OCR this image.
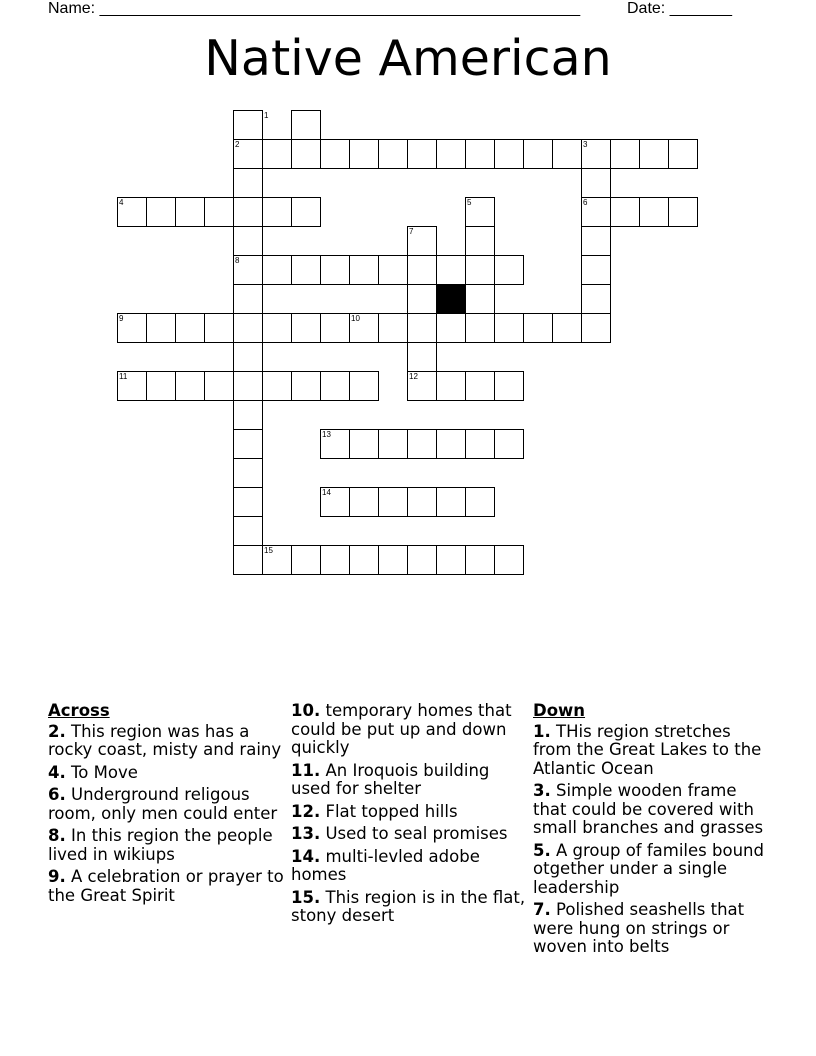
Name: ______________________________________________________	Date: _______
Native American
1
2	3
4	5	6
7
8
9	10
11	12
13
14
15
Across
2. This region was has a rocky coast, misty and rainy
4. To Move
6. Underground religous room, only men could enter
8. In this region the people lived in wikiups
9. A celebration or prayer to the Great Spirit
10. temporary homes that could be put up and down quickly
11. An Iroquois building used for shelter
12. Flat topped hills
13. Used to seal promises
14. multi-levled adobe homes
15. This region is in the flat, stony desert
Down
1. THis region stretches from the Great Lakes to the Atlantic Ocean
3. Simple wooden frame that could be covered with small branches and grasses
5. A group of familes bound otgether under a single leadership
7. Polished seashells that were hung on strings or woven into belts
